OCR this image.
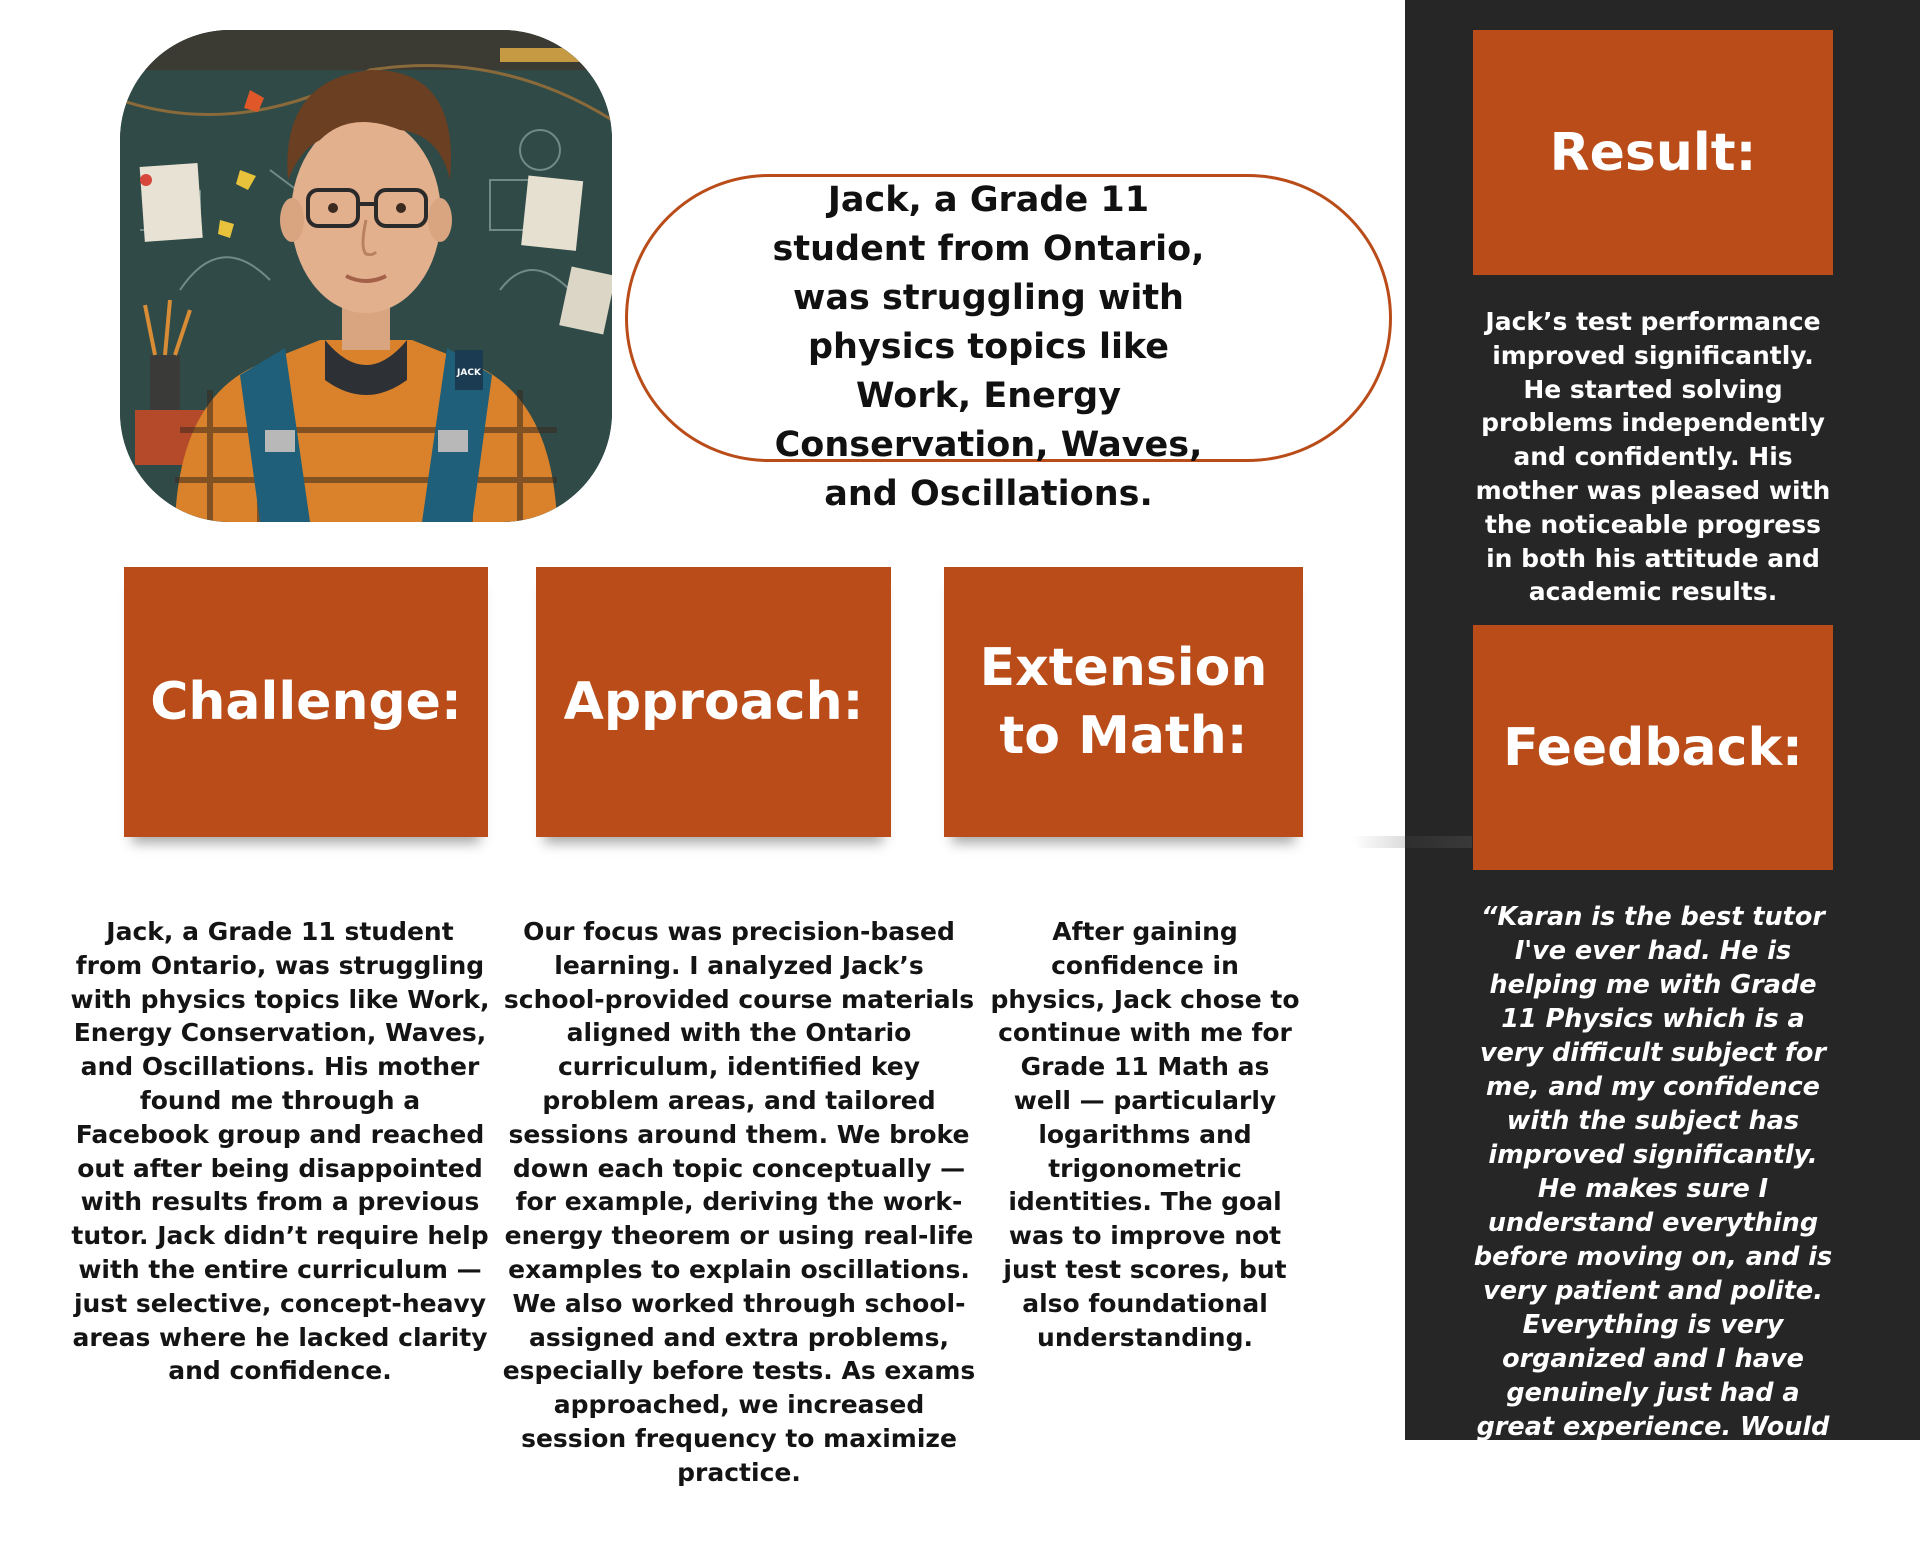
JACK
Jack, a Grade 11 student from Ontario, was struggling with physics topics like Work, Energy Conservation, Waves, and Oscillations.
Challenge:
Jack, a Grade 11 student from Ontario, was struggling with physics topics like Work, Energy Conservation, Waves, and Oscillations. His mother found me through a Facebook group and reached out after being disappointed with results from a previous tutor. Jack didn’t require help with the entire curriculum — just selective, concept-heavy areas where he lacked clarity and confidence.
Approach:
Our focus was precision-based learning. I analyzed Jack’s school-provided course materials aligned with the Ontario curriculum, identified key problem areas, and tailored sessions around them. We broke down each topic conceptually — for example, deriving the work-energy theorem or using real-life examples to explain oscillations. We also worked through school-assigned and extra problems, especially before tests. As exams approached, we increased session frequency to maximize practice.
Extension to Math:
After gaining confidence in physics, Jack chose to continue with me for Grade 11 Math as well — particularly logarithms and trigonometric identities. The goal was to improve not just test scores, but also foundational understanding.
Result:
Jack’s test performance improved significantly. He started solving problems independently and confidently. His mother was pleased with the noticeable progress in both his attitude and academic results.
Feedback:
“Karan is the best tutor I've ever had. He is helping me with Grade 11 Physics which is a very difficult subject for me, and my confidence with the subject has improved significantly. He makes sure I understand everything before moving on, and is very patient and polite. Everything is very organized and I have genuinely just had a great experience. Would absolutely recommend to anyone who needs help with the subject.”
